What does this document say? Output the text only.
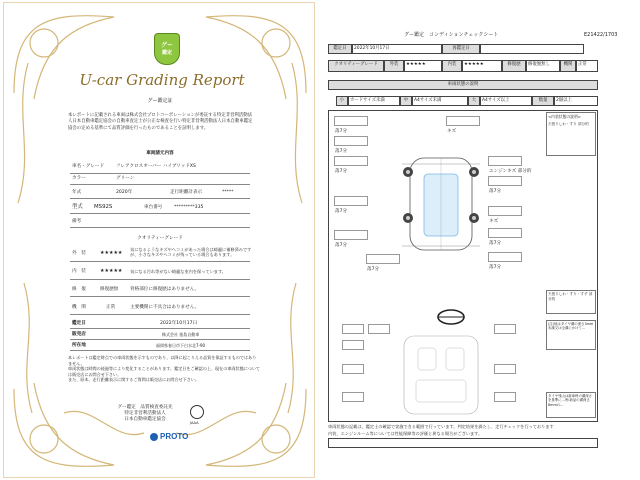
グー
鑑定
U-car Grading Report
グー鑑定証
本レポートに記載される車両は株式会社プロトコーポレーションが委託する特定非営利活動法人日本自動車鑑定協会の自動車査定士が公正な検査を行い特定非営利活動法人日本自動車鑑定協会の定める基準にて品質評価を行ったものであることを証明します。
車両諸元内容
車名・グレード	フレアクロスオーバー ハイブリッドXS
カラー	グリーン
年式	2020年	走行距離計表示	*****
型式 MS92S	車台番号	*********335
備考
クオリティーグレード
外　装	★★★★★
気になるようなキズやヘコミがあった場合は綺麗に補修済みですが、小さなキズやヘコミが残っている場合もあります。
内　装	★★★★★ 気になる汚れ等がない綺麗な室内を保っています。
修　復	修復歴無	骨格部位に修復歴はありません。
機　関	正常	主要機関に不具合はありません。
鑑定日	2022年10月17日
販売店	株式会社 徳島自動車
所在地	福岡県春日市下白水北7-90
本レポートは鑑定時点での車両状態を示すものであり、以降に起こりえる品質を保証するものではありません。
車両状態は時間の経過等により変化することがあります。鑑定日をご確認の上、現在の車両状態については販売店にお問合せ下さい。
また、原本、走行距離表示に関するご質問は販売店にお問合せ下さい。
グー鑑定　品質検査委託先
特定非営利活動法人
日本自動車鑑定協会
JAAA
PROTO
グー鑑定　コンディションチェックシート	E21422/1703
鑑定日	2022年10月17日	再鑑定日
クオリティーグレード	外装	★★★★★	内装	★★★★★	修復歴	修復歴無し	機関	正常
車両状態の説明
小	カードサイズ未満	中	A4サイズ未満	大	A4サイズ以上	数量	2個以上
落7分
落7分
落7分
落7分
落7分
落7分
キズ
エンジンキズ 部分的
落7分
キズ
落7分
落7分
<内装状態の説明>
天張りしわ・すり 部分的
天張りしわ・すり・すず 部分的
(注)他はタイヤ溝の深さ3mm未満又は全溝にかけて…
タイヤ残山は新車時の溝深さを基準に…例:新品の溝深さ8mmの…
車両状態の記載は、鑑定士の確認で実施できる範囲で行っています。判定結果を満たし、走行チェックを行っております
内装、エンジンルーム等については性能保障等の評価と異なる場合がございます。
